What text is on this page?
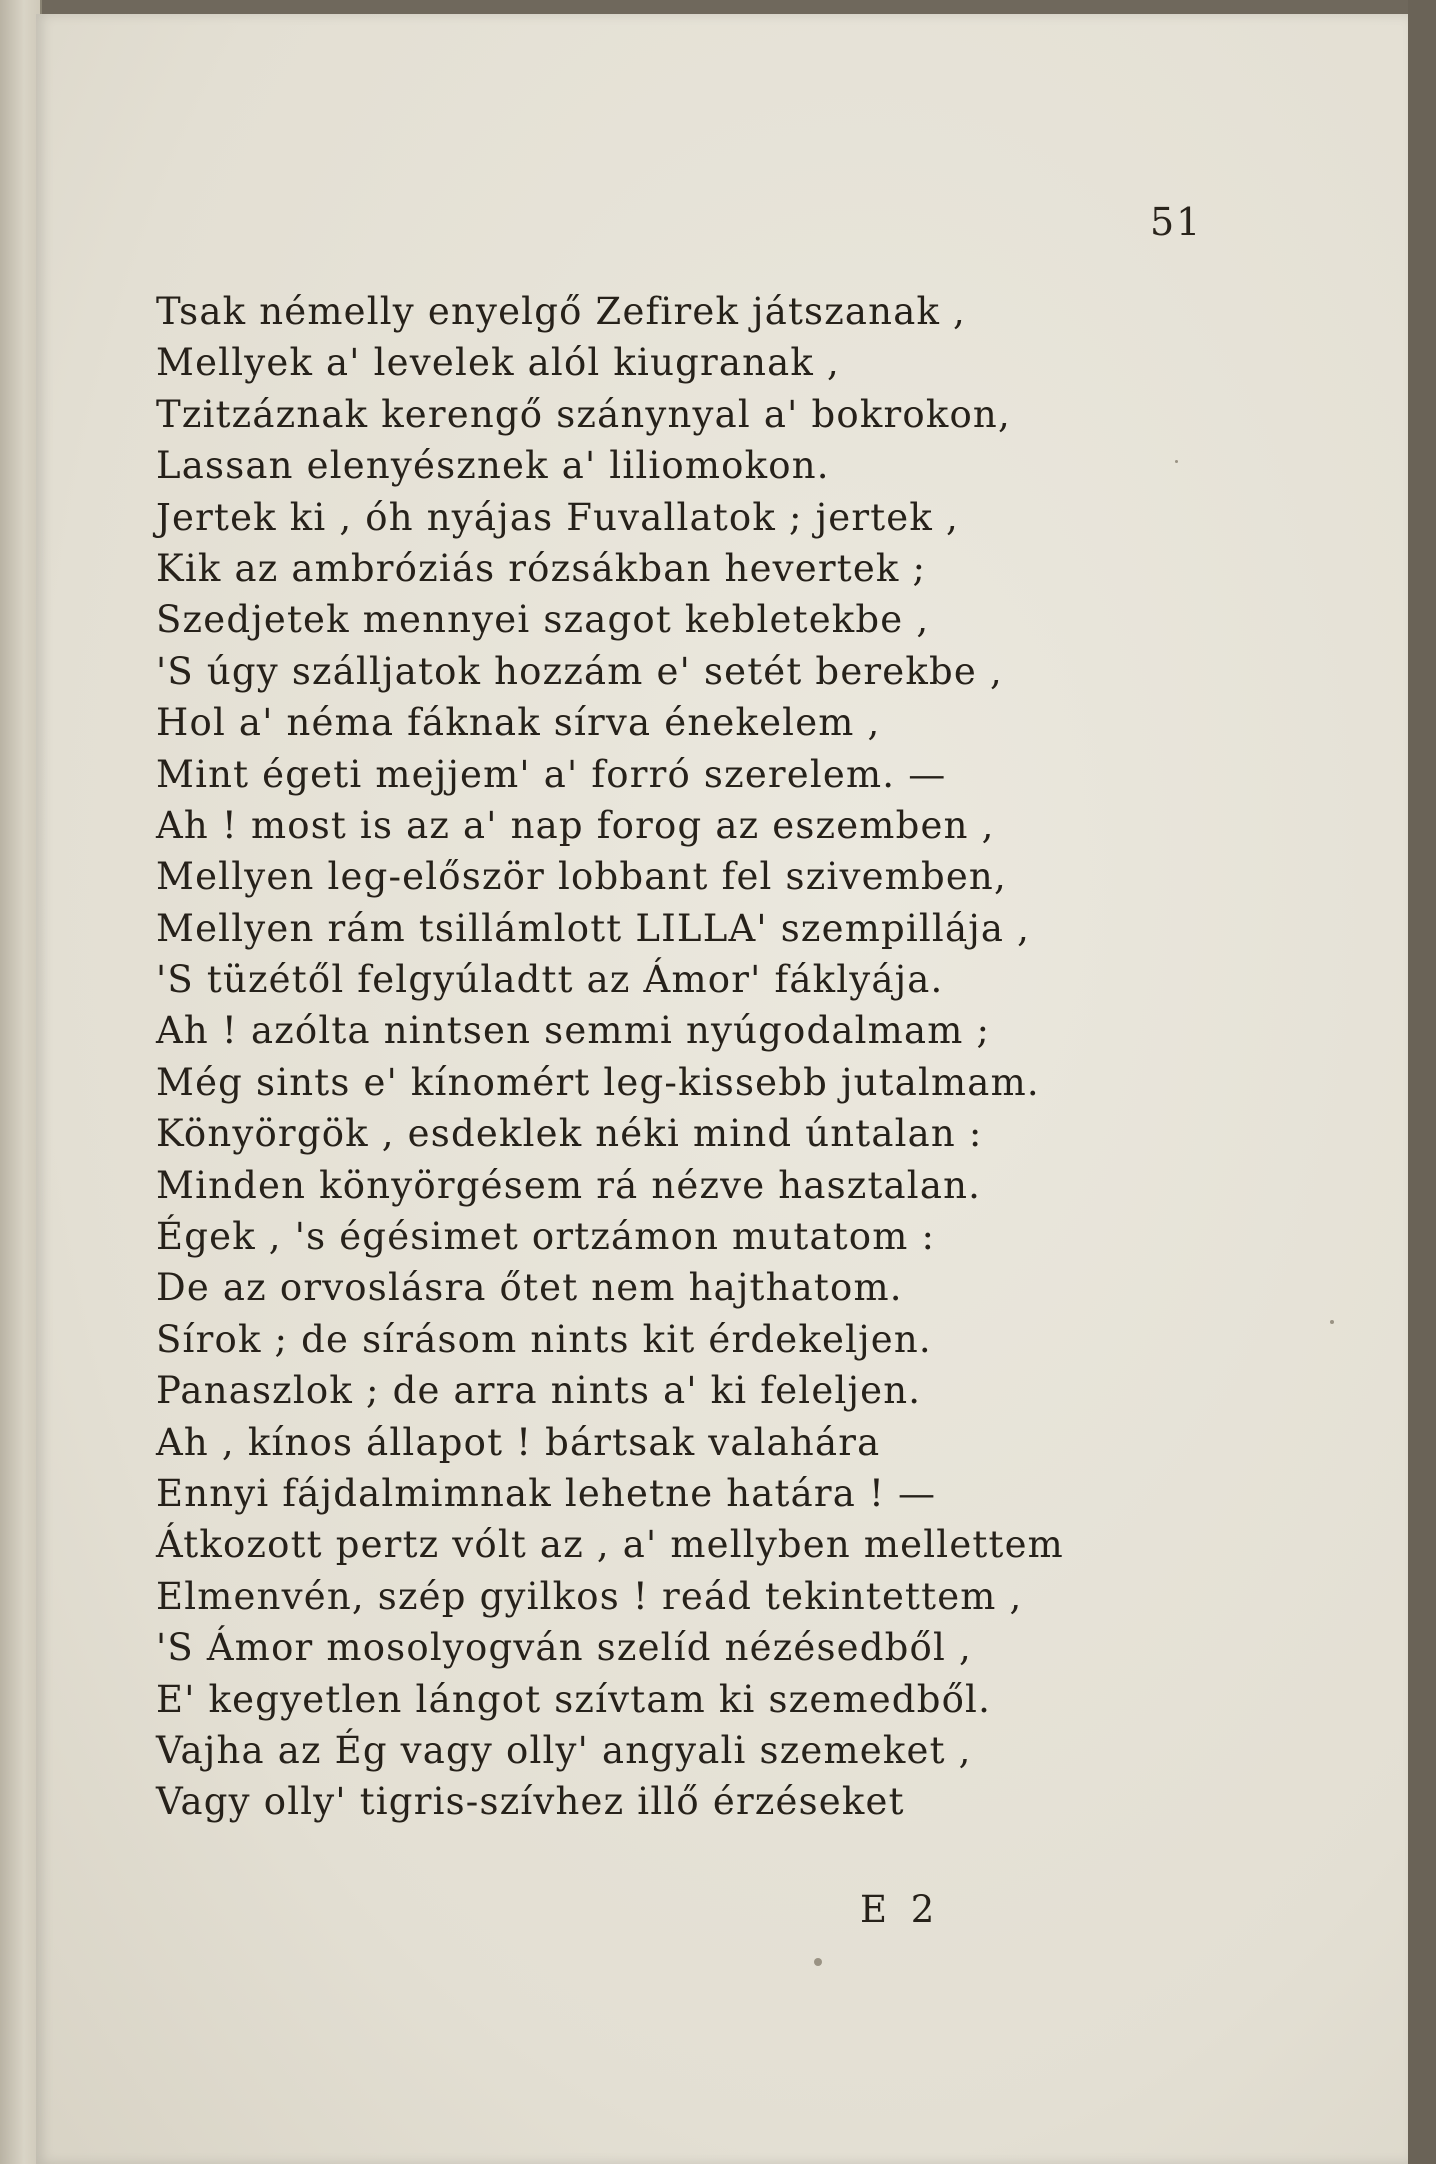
51
Tsak némelly enyelgő Zefirek játszanak ,
Mellyek a' levelek alól kiugranak ,
Tzitzáznak kerengő szánynyal a' bokrokon,
Lassan elenyésznek a' liliomokon.
Jertek ki , óh nyájas Fuvallatok ; jertek ,
Kik az ambróziás rózsákban hevertek ;
Szedjetek mennyei szagot kebletekbe ,
'S úgy szálljatok hozzám e' setét berekbe ,
Hol a' néma fáknak sírva énekelem ,
Mint égeti mejjem' a' forró szerelem. —
Ah ! most is az a' nap forog az eszemben ,
Mellyen leg-először lobbant fel szivemben,
Mellyen rám tsillámlott LILLA' szempillája ,
'S tüzétől felgyúladtt az Ámor' fáklyája.
Ah ! azólta nintsen semmi nyúgodalmam ;
Még sints e' kínomért leg-kissebb jutalmam.
Könyörgök , esdeklek néki mind úntalan :
Minden könyörgésem rá nézve hasztalan.
Égek , 's égésimet ortzámon mutatom :
De az orvoslásra őtet nem hajthatom.
Sírok ; de sírásom nints kit érdekeljen.
Panaszlok ; de arra nints a' ki feleljen.
Ah , kínos állapot ! bártsak valahára
Ennyi fájdalmimnak lehetne határa ! —
Átkozott pertz vólt az , a' mellyben mellettem
Elmenvén, szép gyilkos ! reád tekintettem ,
'S Ámor mosolyogván szelíd nézésedből ,
E' kegyetlen lángot szívtam ki szemedből.
Vajha az Ég vagy olly' angyali szemeket ,
Vagy olly' tigris-szívhez illő érzéseket
E 2
